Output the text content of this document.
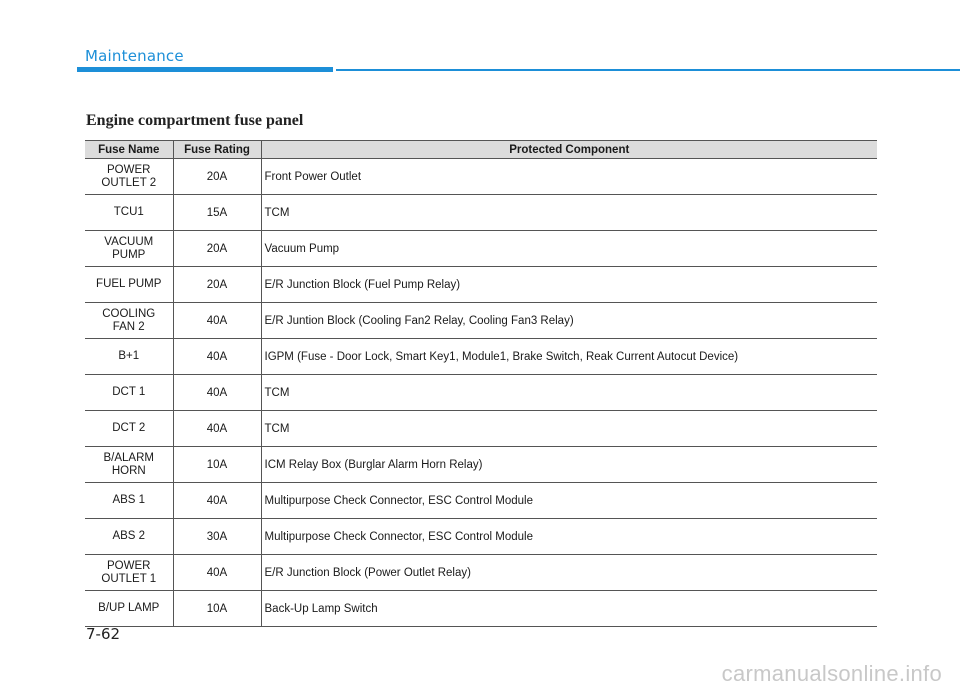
Maintenance
Engine compartment fuse panel
Fuse Name	Fuse Rating	Protected Component
POWER
OUTLET 2	20A	Front Power Outlet
TCU1	15A	TCM
VACUUM
PUMP	20A	Vacuum Pump
FUEL PUMP	20A	E/R Junction Block (Fuel Pump Relay)
COOLING
FAN 2	40A	E/R Juntion Block (Cooling Fan2 Relay, Cooling Fan3 Relay)
B+1	40A	IGPM (Fuse - Door Lock, Smart Key1, Module1, Brake Switch, Reak Current Autocut Device)
DCT 1	40A	TCM
DCT 2	40A	TCM
B/ALARM
HORN	10A	ICM Relay Box (Burglar Alarm Horn Relay)
ABS 1	40A	Multipurpose Check Connector, ESC Control Module
ABS 2	30A	Multipurpose Check Connector, ESC Control Module
POWER
OUTLET 1	40A	E/R Junction Block (Power Outlet Relay)
B/UP LAMP	10A	Back-Up Lamp Switch
7-62
carmanualsonline.info
